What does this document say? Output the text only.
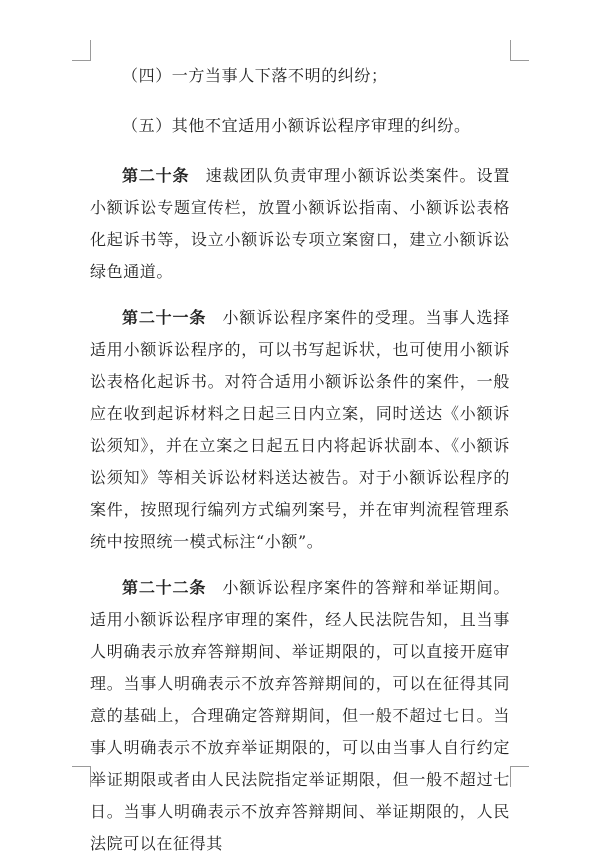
（四）一方当事人下落不明的纠纷；

（五）其他不宜适用小额诉讼程序审理的纠纷。

第二十条 速裁团队负责审理小额诉讼类案件。设置小额诉讼专题宣传栏，放置小额诉讼指南、小额诉讼表格化起诉书等，设立小额诉讼专项立案窗口，建立小额诉讼绿色通道。

第二十一条 小额诉讼程序案件的受理。当事人选择适用小额诉讼程序的，可以书写起诉状，也可使用小额诉讼表格化起诉书。对符合适用小额诉讼条件的案件，一般应在收到起诉材料之日起三日内立案，同时送达《小额诉讼须知》，并在立案之日起五日内将起诉状副本、《小额诉讼须知》等相关诉讼材料送达被告。对于小额诉讼程序的案件，按照现行编列方式编列案号，并在审判流程管理系统中按照统一模式标注“小额”。

第二十二条 小额诉讼程序案件的答辩和举证期间。适用小额诉讼程序审理的案件，经人民法院告知，且当事人明确表示放弃答辩期间、举证期限的，可以直接开庭审理。当事人明确表示不放弃答辩期间的，可以在征得其同意的基础上，合理确定答辩期间，但一般不超过七日。当事人明确表示不放弃举证期限的，可以由当事人自行约定举证期限或者由人民法院指定举证期限，但一般不超过七日。当事人明确表示不放弃答辩期间、举证期限的，人民法院可以在征得其
